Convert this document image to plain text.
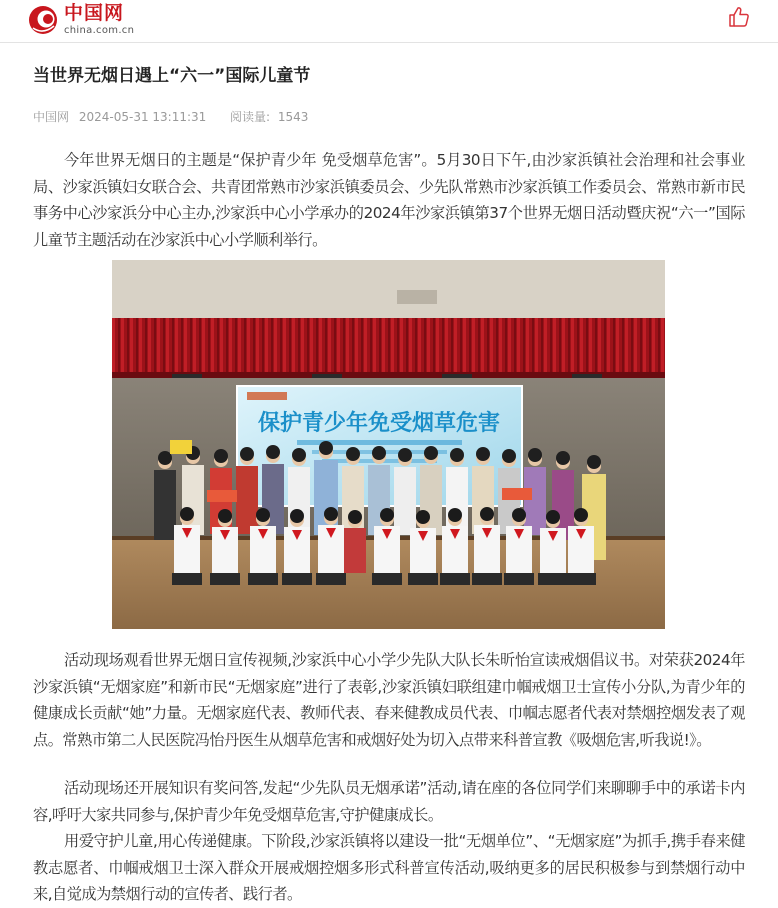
中国网
china.com.cn
当世界无烟日遇上“六一”国际儿童节
中国网 2024-05-31 13:11:31 阅读量: 1543

今年世界无烟日的主题是“保护青少年 免受烟草危害”。5月30日下午,由沙家浜镇社会治理和社会事业局、沙家浜镇妇女联合会、共青团常熟市沙家浜镇委员会、少先队常熟市沙家浜镇工作委员会、常熟市新市民事务中心沙家浜分中心主办,沙家浜中心小学承办的2024年沙家浜镇第37个世界无烟日活动暨庆祝“六一”国际儿童节主题活动在沙家浜中心小学顺利举行。

保护青少年免受烟草危害

活动现场观看世界无烟日宣传视频,沙家浜中心小学少先队大队长朱昕怡宣读戒烟倡议书。对荣获2024年沙家浜镇“无烟家庭”和新市民“无烟家庭”进行了表彰,沙家浜镇妇联组建巾帼戒烟卫士宣传小分队,为青少年的健康成长贡献“她”力量。无烟家庭代表、教师代表、春来健教成员代表、巾帼志愿者代表对禁烟控烟发表了观点。常熟市第二人民医院冯怡丹医生从烟草危害和戒烟好处为切入点带来科普宣教《吸烟危害,听我说!》。

活动现场还开展知识有奖问答,发起“少先队员无烟承诺”活动,请在座的各位同学们来聊聊手中的承诺卡内容,呼吁大家共同参与,保护青少年免受烟草危害,守护健康成长。

用爱守护儿童,用心传递健康。下阶段,沙家浜镇将以建设一批“无烟单位”、“无烟家庭”为抓手,携手春来健教志愿者、巾帼戒烟卫士深入群众开展戒烟控烟多形式科普宣传活动,吸纳更多的居民积极参与到禁烟行动中来,自觉成为禁烟行动的宣传者、践行者。
